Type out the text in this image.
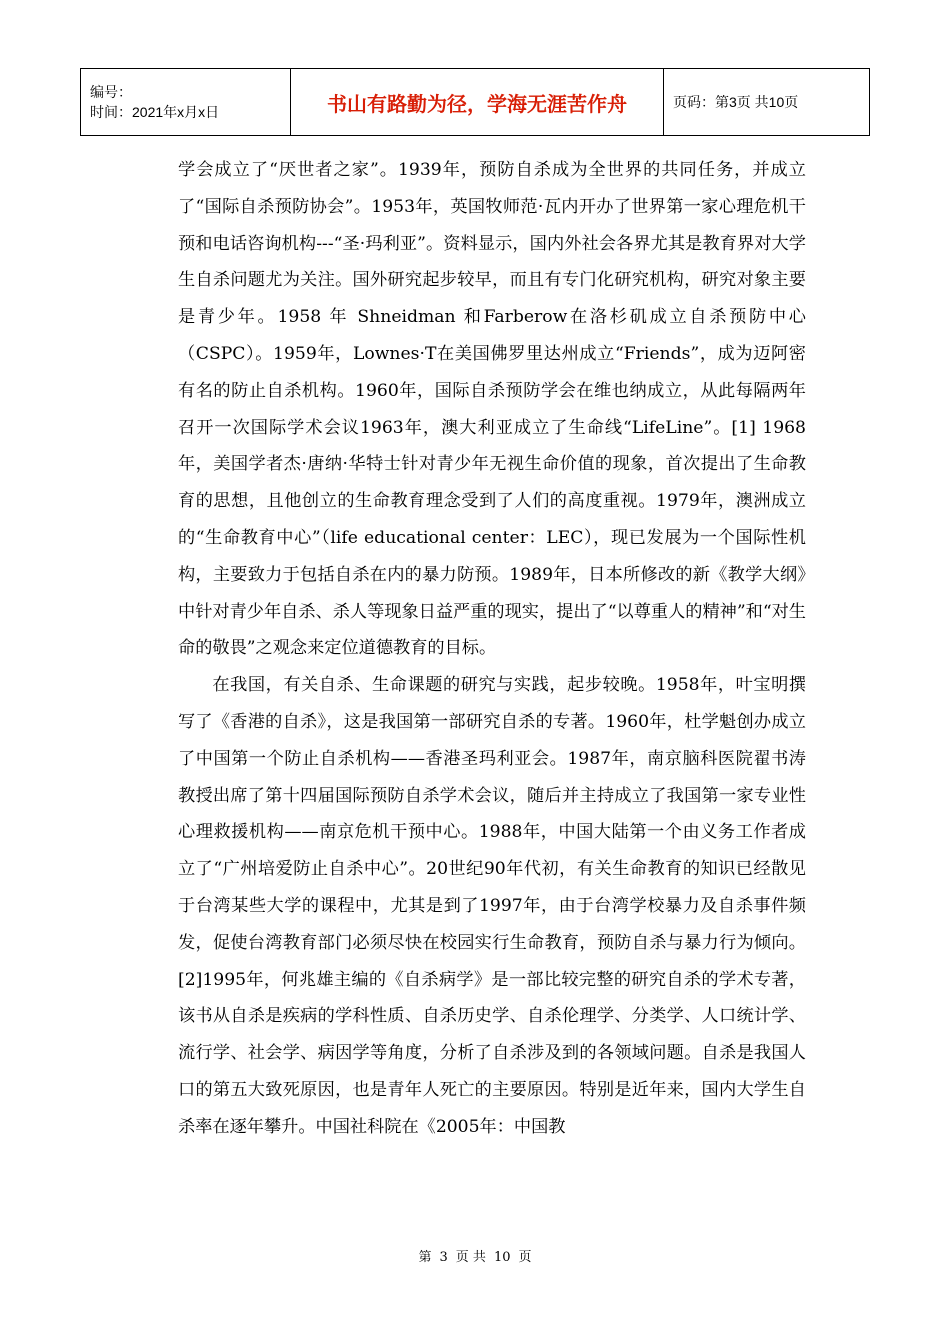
编号：
时间：2021年x月x日	书山有路勤为径，学海无涯苦作舟	页码：第3页 共10页

学会成立了“厌世者之家”。1939年，预防自杀成为全世界的共同任务，并成立了“国际自杀预防协会”。1953年，英国牧师范·瓦内开办了世界第一家心理危机干预和电话咨询机构---“圣·玛利亚”。资料显示，国内外社会各界尤其是教育界对大学生自杀问题尤为关注。国外研究起步较早，而且有专门化研究机构，研究对象主要是青少年。1958 年 Shneidman 和Farberow在洛杉矶成立自杀预防中心（CSPC）。1959年，Lownes·T在美国佛罗里达州成立“Friends”，成为迈阿密有名的防止自杀机构。1960年，国际自杀预防学会在维也纳成立，从此每隔两年召开一次国际学术会议1963年，澳大利亚成立了生命线“LifeLine”。[1] 1968年，美国学者杰·唐纳·华特士针对青少年无视生命价值的现象，首次提出了生命教育的思想，且他创立的生命教育理念受到了人们的高度重视。1979年，澳洲成立的“生命教育中心”（life educational center：LEC），现已发展为一个国际性机构，主要致力于包括自杀在内的暴力防预。1989年，日本所修改的新《教学大纲》中针对青少年自杀、杀人等现象日益严重的现实，提出了“以尊重人的精神”和“对生命的敬畏”之观念来定位道德教育的目标。

在我国，有关自杀、生命课题的研究与实践，起步较晚。1958年，叶宝明撰写了《香港的自杀》，这是我国第一部研究自杀的专著。1960年，杜学魁创办成立了中国第一个防止自杀机构——香港圣玛利亚会。1987年，南京脑科医院翟书涛教授出席了第十四届国际预防自杀学术会议，随后并主持成立了我国第一家专业性心理救援机构——南京危机干预中心。1988年，中国大陆第一个由义务工作者成立了“广州培爱防止自杀中心”。20世纪90年代初，有关生命教育的知识已经散见于台湾某些大学的课程中，尤其是到了1997年，由于台湾学校暴力及自杀事件频发，促使台湾教育部门必须尽快在校园实行生命教育，预防自杀与暴力行为倾向。[2]1995年，何兆雄主编的《自杀病学》是一部比较完整的研究自杀的学术专著，该书从自杀是疾病的学科性质、自杀历史学、自杀伦理学、分类学、人口统计学、流行学、社会学、病因学等角度，分析了自杀涉及到的各领域问题。自杀是我国人口的第五大致死原因，也是青年人死亡的主要原因。特别是近年来，国内大学生自杀率在逐年攀升。中国社科院在《2005年：中国教

第 3 页 共 10 页
